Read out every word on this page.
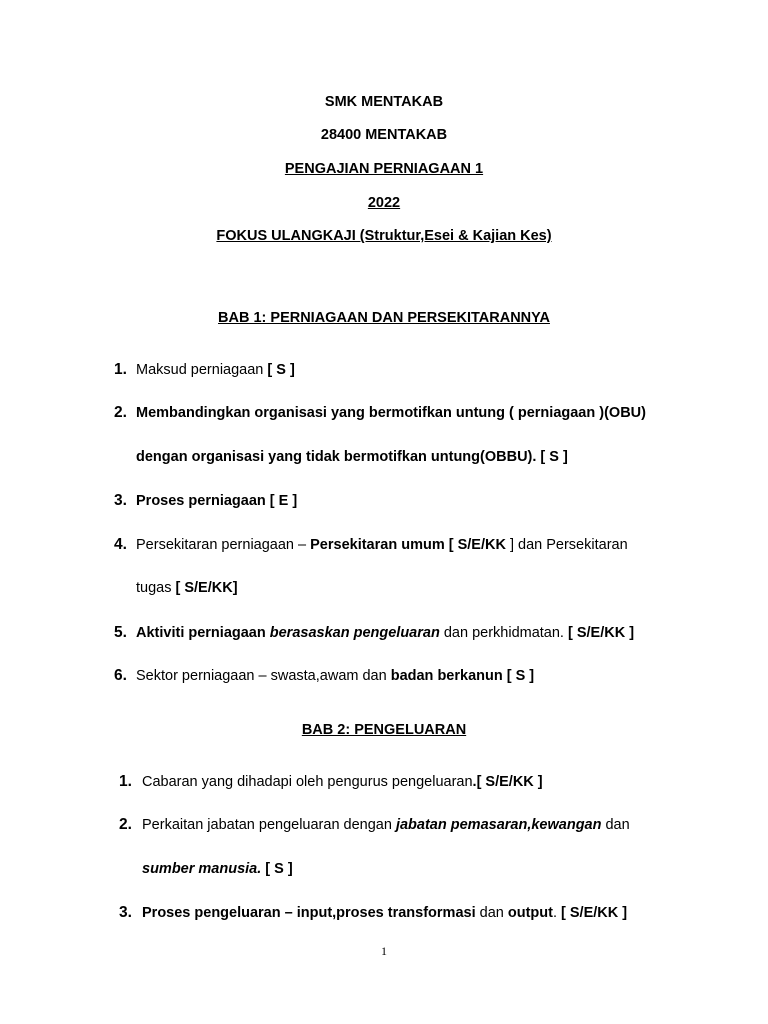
SMK MENTAKAB
28400 MENTAKAB
PENGAJIAN PERNIAGAAN 1
2022
FOKUS ULANGKAJI (Struktur,Esei & Kajian Kes)
BAB 1: PERNIAGAAN DAN PERSEKITARANNYA
1. Maksud perniagaan [ S ]
2. Membandingkan organisasi yang bermotifkan untung ( perniagaan )(OBU)
dengan organisasi yang tidak bermotifkan untung(OBBU). [ S ]
3. Proses perniagaan [ E ]
4. Persekitaran perniagaan – Persekitaran umum [ S/E/KK ] dan Persekitaran
tugas [ S/E/KK]
5. Aktiviti perniagaan berasaskan pengeluaran dan perkhidmatan. [ S/E/KK ]
6. Sektor perniagaan – swasta,awam dan badan berkanun [ S ]
BAB 2: PENGELUARAN
1. Cabaran yang dihadapi oleh pengurus pengeluaran.[ S/E/KK ]
2. Perkaitan jabatan pengeluaran dengan jabatan pemasaran,kewangan dan
sumber manusia. [ S ]
3. Proses pengeluaran – input,proses transformasi dan output. [ S/E/KK ]
1
